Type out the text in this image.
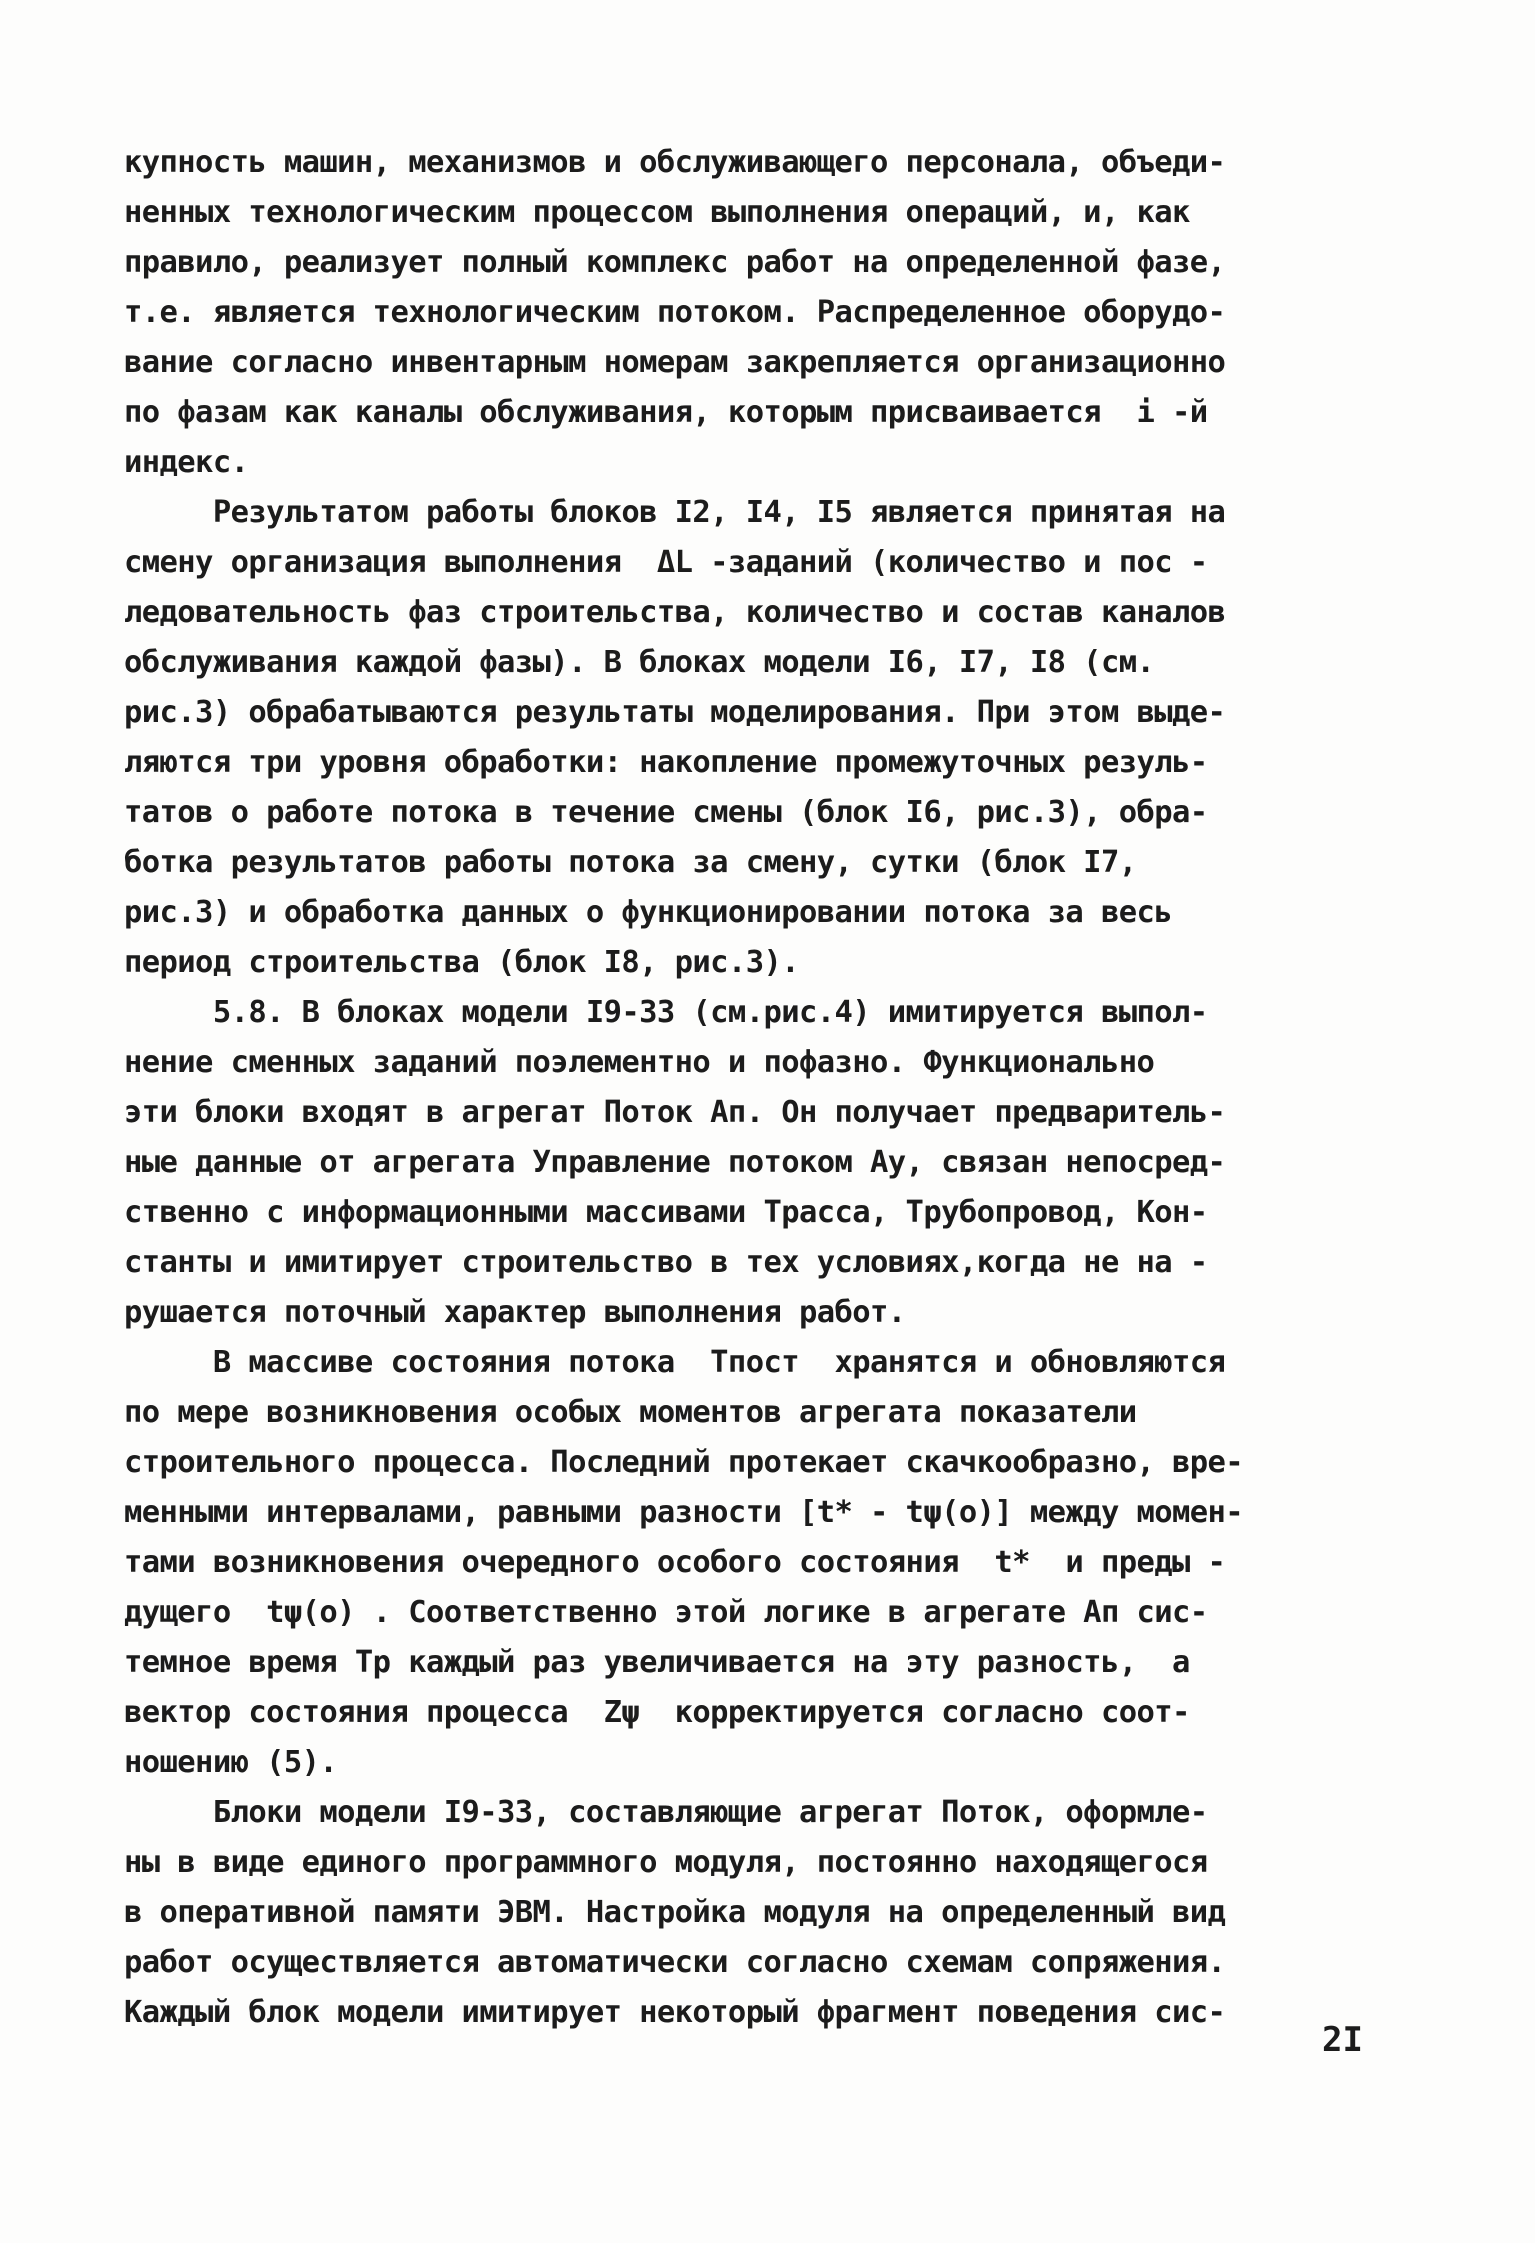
купность машин, механизмов и обслуживающего персонала, объеди-
ненных технологическим процессом выполнения операций, и, как
правило, реализует полный комплекс работ на определенной фазе,
т.е. является технологическим потоком. Распределенное оборудо-
вание согласно инвентарным номерам закрепляется организационно
по фазам как каналы обслуживания, которым присваивается  i -й
индекс.
Результатом работы блоков I2, I4, I5 является принятая на
смену организация выполнения  ΔL -заданий (количество и пос -
ледовательность фаз строительства, количество и состав каналов
обслуживания каждой фазы). В блоках модели I6, I7, I8 (см.
рис.3) обрабатываются результаты моделирования. При этом выде-
ляются три уровня обработки: накопление промежуточных резуль-
татов о работе потока в течение смены (блок I6, рис.3), обра-
ботка результатов работы потока за смену, сутки (блок I7,
рис.3) и обработка данных о функционировании потока за весь
период строительства (блок I8, рис.3).
5.8. В блоках модели I9-33 (см.рис.4) имитируется выпол-
нение сменных заданий поэлементно и пофазно. Функционально
эти блоки входят в агрегат Поток Aп. Он получает предваритель-
ные данные от агрегата Управление потоком Aу, связан непосред-
ственно с информационными массивами Трасса, Трубопровод, Кон-
станты и имитирует строительство в тех условиях,когда не на -
рушается поточный характер выполнения работ.
В массиве состояния потока  Tпост  хранятся и обновляются
по мере возникновения особых моментов агрегата показатели
строительного процесса. Последний протекает скачкообразно, вре-
менными интервалами, равными разности [t* - tψ(o)] между момен-
тами возникновения очередного особого состояния  t*  и преды -
дущего  tψ(o) . Соответственно этой логике в агрегате Aп сис-
темное время Tр каждый раз увеличивается на эту разность,  а
вектор состояния процесса  Zψ  корректируется согласно соот-
ношению (5).
Блоки модели I9-33, составляющие агрегат Поток, оформле-
ны в виде единого программного модуля, постоянно находящегося
в оперативной памяти ЭВМ. Настройка модуля на определенный вид
работ осуществляется автоматически согласно схемам сопряжения.
Каждый блок модели имитирует некоторый фрагмент поведения сис-
2I
